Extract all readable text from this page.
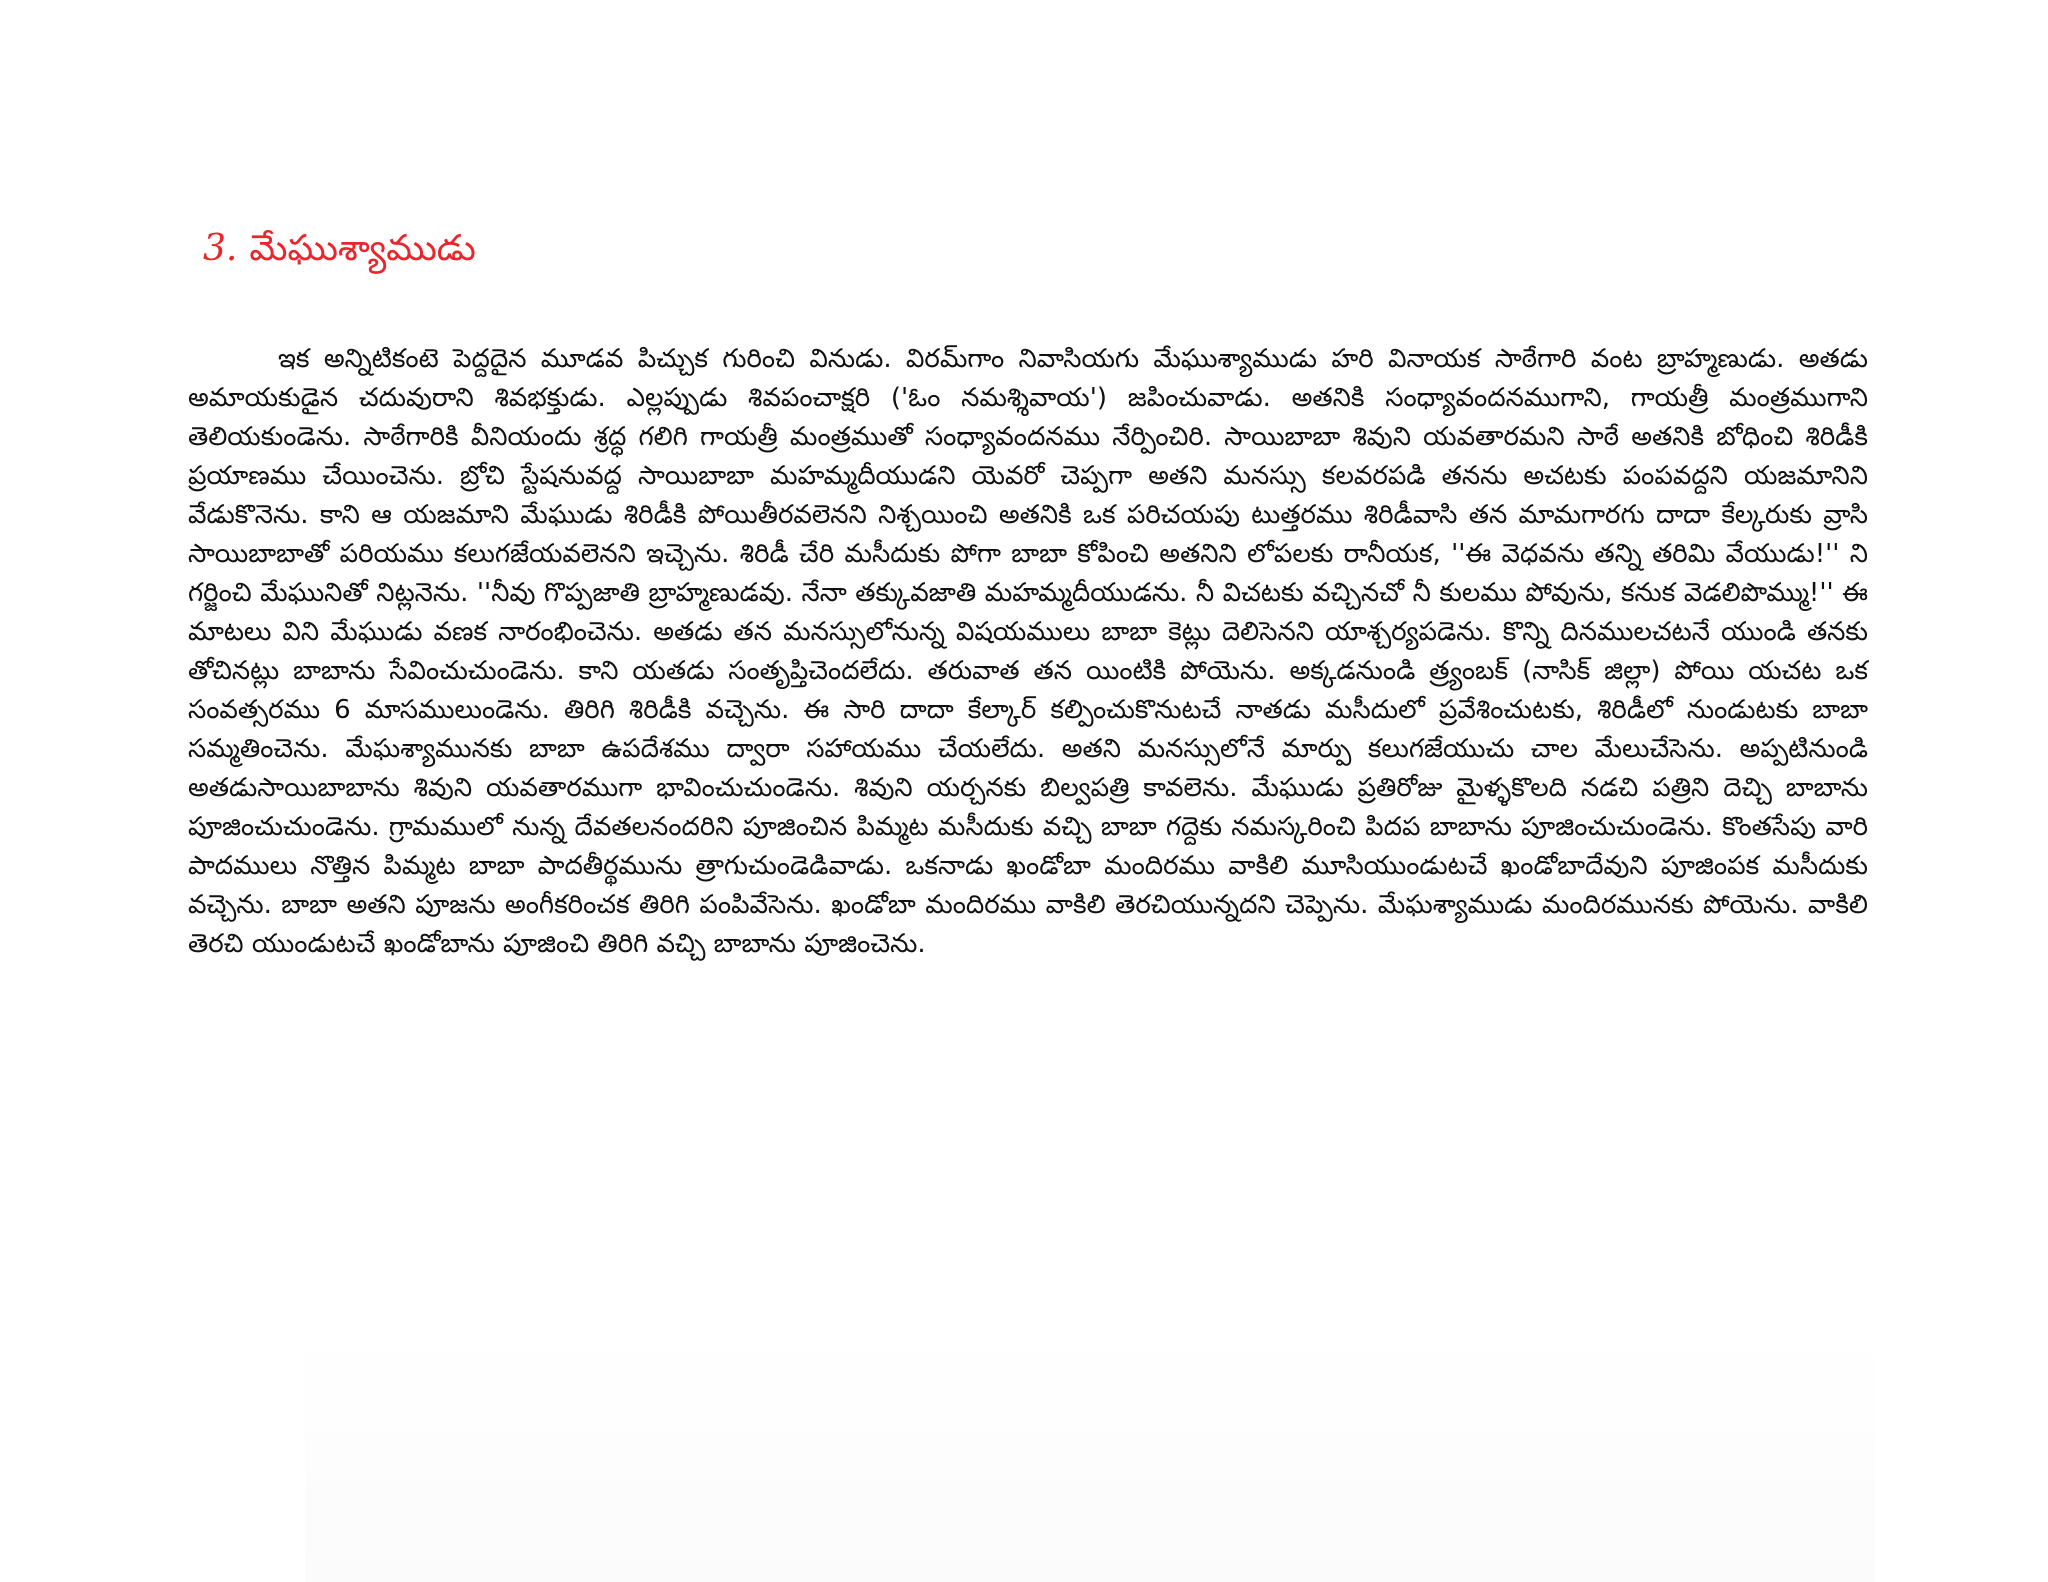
3. మేఘుశ్యాముడు

ఇక అన్నిటికంటె పెద్దదైన మూడవ పిచ్చుక గురించి వినుడు. విరమ్‌గాం నివాసియగు మేఘుశ్యాముడు హరి వినాయక సాఠేగారి వంట బ్రాహ్మణుడు. అతడు అమాయకుడైన చదువురాని శివభక్తుడు. ఎల్లప్పుడు శివపంచాక్షరి ('ఓం నమశ్శివాయ') జపించువాడు. అతనికి సంధ్యావందనముగాని, గాయత్రీ మంత్రముగాని తెలియకుండెను. సాఠేగారికి వీనియందు శ్రద్ధ గలిగి గాయత్రీ మంత్రముతో సంధ్యావందనము నేర్పించిరి. సాయిబాబా శివుని యవతారమని సాఠే అతనికి బోధించి శిరిడీకి ప్రయాణము చేయించెను. బ్రోచి స్టేషనువద్ద సాయిబాబా మహమ్మదీయుడని యెవరో చెప్పగా అతని మనస్సు కలవరపడి తనను అచటకు పంపవద్దని యజమానిని వేడుకొనెను. కాని ఆ యజమాని మేఘుడు శిరిడీకి పోయితీరవలెనని నిశ్చయించి అతనికి ఒక పరిచయపు టుత్తరము శిరిడీవాసి తన మామగారగు దాదా కేల్కరుకు వ్రాసి సాయిబాబాతో పరియము కలుగజేయవలెనని ఇచ్చెను. శిరిడీ చేరి మసీదుకు పోగా బాబా కోపించి అతనిని లోపలకు రానీయక, ''ఈ వెధవను తన్ని తరిమి వేయుడు!'' ని గర్జించి మేఘునితో నిట్లనెను. ''నీవు గొప్పజాతి బ్రాహ్మణుడవు. నేనా తక్కువజాతి మహమ్మదీయుడను. నీ విచటకు వచ్చినచో నీ కులము పోవును, కనుక వెడలిపొమ్ము!'' ఈ మాటలు విని మేఘుడు వణక నారంభించెను. అతడు తన మనస్సులోనున్న విషయములు బాబా కెట్లు దెలిసెనని యాశ్చర్యపడెను. కొన్ని దినములచటనే యుండి తనకు తోచినట్లు బాబాను సేవించుచుండెను. కాని యతడు సంతృప్తిచెందలేదు. తరువాత తన యింటికి పోయెను. అక్కడనుండి త్ర్యంబక్ (నాసిక్ జిల్లా) పోయి యచట ఒక సంవత్సరము 6 మాసములుండెను. తిరిగి శిరిడీకి వచ్చెను. ఈ సారి దాదా కేల్కార్ కల్పించుకొనుటచే నాతడు మసీదులో ప్రవేశించుటకు, శిరిడీలో నుండుటకు బాబా సమ్మతించెను. మేఘశ్యామునకు బాబా ఉపదేశము ద్వారా సహాయము చేయలేదు. అతని మనస్సులోనే మార్పు కలుగజేయుచు చాల మేలుచేసెను. అప్పటినుండి అతడుసాయిబాబాను శివుని యవతారముగా భావించుచుండెను. శివుని యర్చనకు బిల్వపత్రి కావలెను. మేఘుడు ప్రతిరోజు మైళ్ళకొలది నడచి పత్రిని దెచ్చి బాబాను పూజించుచుండెను. గ్రామములో నున్న దేవతలనందరిని పూజించిన పిమ్మట మసీదుకు వచ్చి బాబా గద్దెకు నమస్కరించి పిదప బాబాను పూజించుచుండెను. కొంతసేపు వారి పాదములు నొత్తిన పిమ్మట బాబా పాదతీర్థమును త్రాగుచుండెడివాడు. ఒకనాడు ఖండోబా మందిరము వాకిలి మూసియుండుటచే ఖండోబాదేవుని పూజింపక మసీదుకు వచ్చెను. బాబా అతని పూజను అంగీకరించక తిరిగి పంపివేసెను. ఖండోబా మందిరము వాకిలి తెరచియున్నదని చెప్పెను. మేఘశ్యాముడు మందిరమునకు పోయెను. వాకిలి తెరచి యుండుటచే ఖండోబాను పూజించి తిరిగి వచ్చి బాబాను పూజించెను.
